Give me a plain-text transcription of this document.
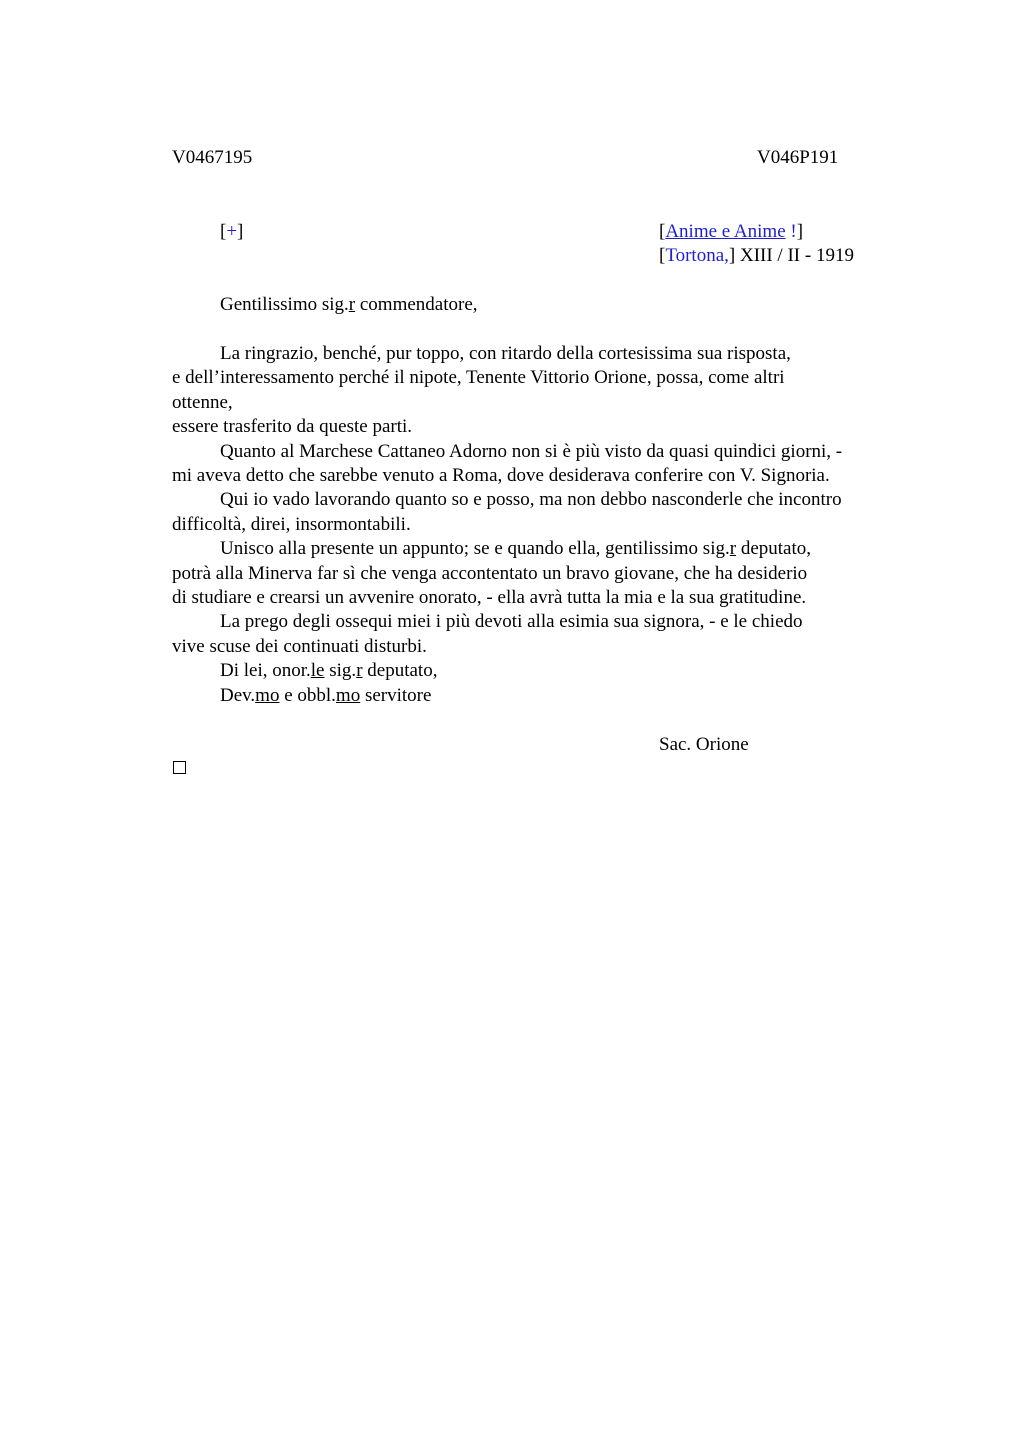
V0467195	V046P191
[+]	[Anime e Anime !]
[Tortona,] XIII / II - 1919
Gentilissimo sig.r commendatore,

La ringrazio, benché, pur toppo, con ritardo della cortesissima sua risposta,

e dell’interessamento perché il nipote, Tenente Vittorio Orione, possa, come altri

ottenne,

essere trasferito da queste parti.

Quanto al Marchese Cattaneo Adorno non si è più visto da quasi quindici giorni, -

mi aveva detto che sarebbe venuto a Roma, dove desiderava conferire con V. Signoria.

Qui io vado lavorando quanto so e posso, ma non debbo nasconderle che incontro

difficoltà, direi, insormontabili.

Unisco alla presente un appunto; se e quando ella, gentilissimo sig.r deputato,

potrà alla Minerva far sì che venga accontentato un bravo giovane, che ha desiderio

di studiare e crearsi un avvenire onorato, - ella avrà tutta la mia e la sua gratitudine.

La prego degli ossequi miei i più devoti alla esimia sua signora, - e le chiedo

vive scuse dei continuati disturbi.

Di lei, onor.le sig.r deputato,

Dev.mo e obbl.mo servitore

Sac. Orione
